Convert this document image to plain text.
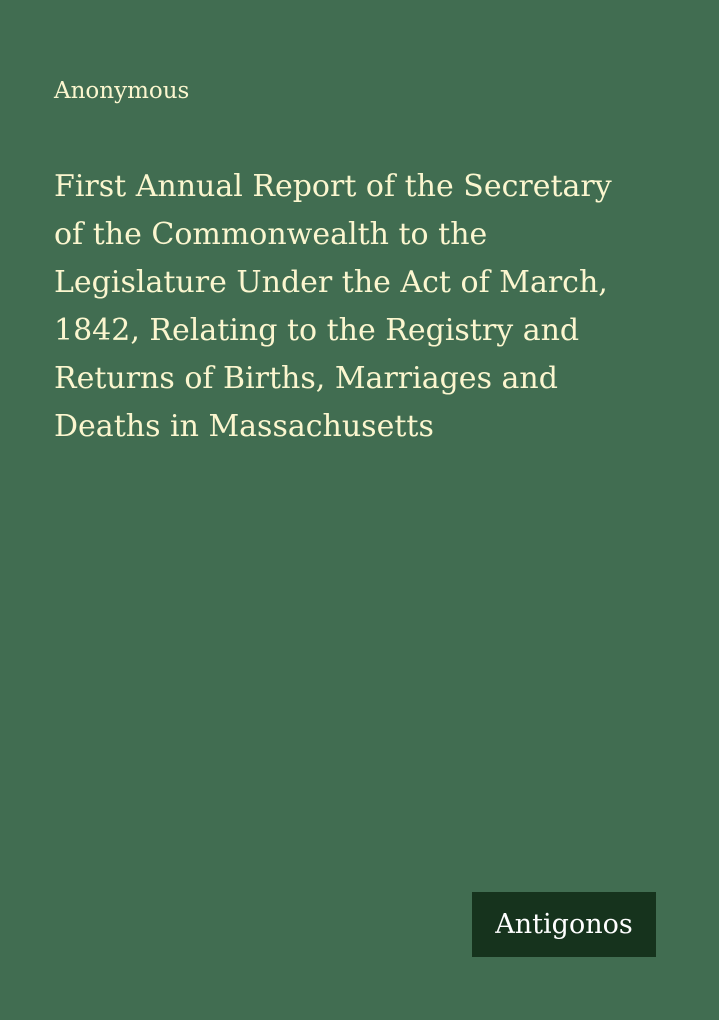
Anonymous
First Annual Report of the Secretary
of the Commonwealth to the
Legislature Under the Act of March,
1842, Relating to the Registry and
Returns of Births, Marriages and
Deaths in Massachusetts
Antigonos
